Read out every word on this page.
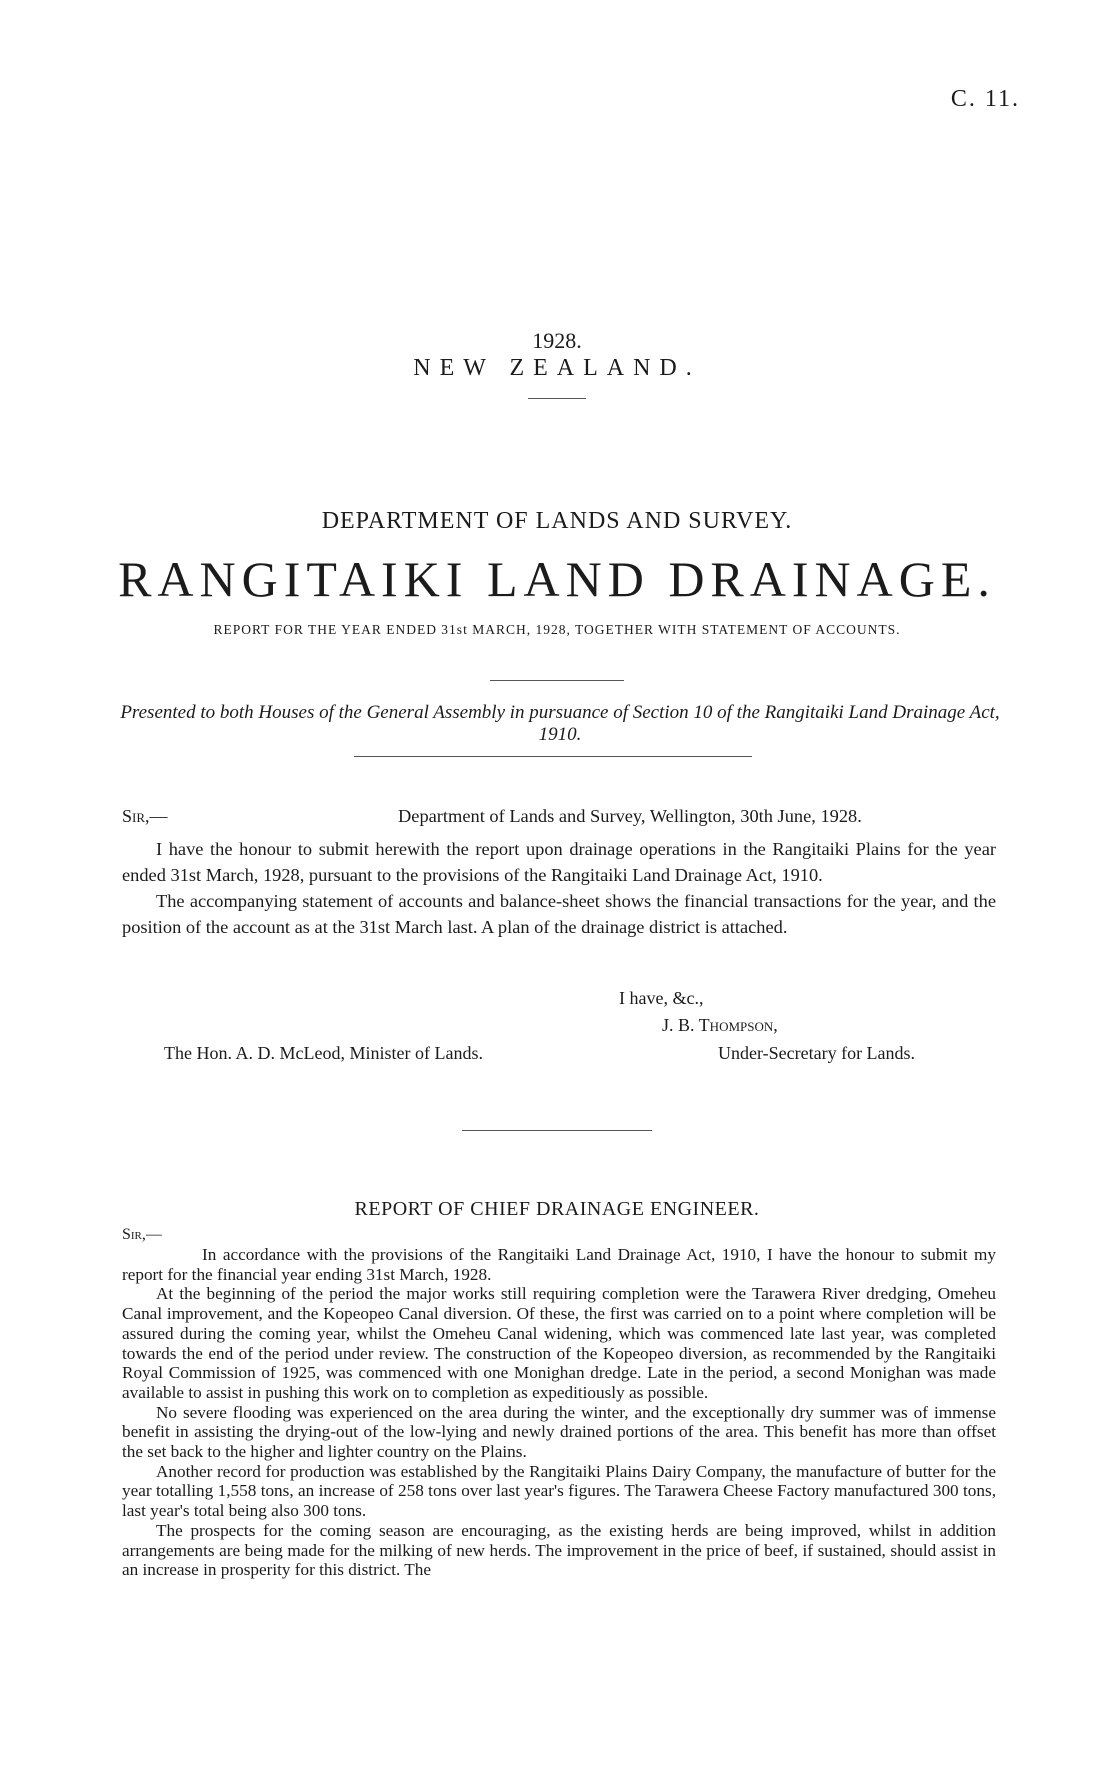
C. 11.
1928.
NEW ZEALAND.
DEPARTMENT OF LANDS AND SURVEY.
RANGITAIKI LAND DRAINAGE.
REPORT FOR THE YEAR ENDED 31st MARCH, 1928, TOGETHER WITH STATEMENT OF ACCOUNTS.
Presented to both Houses of the General Assembly in pursuance of Section 10 of the Rangitaiki Land Drainage Act, 1910.
Sir,—	Department of Lands and Survey, Wellington, 30th June, 1928.

I have the honour to submit herewith the report upon drainage operations in the Rangitaiki Plains for the year ended 31st March, 1928, pursuant to the provisions of the Rangitaiki Land Drainage Act, 1910.

The accompanying statement of accounts and balance-sheet shows the financial transactions for the year, and the position of the account as at the 31st March last. A plan of the drainage district is attached.

I have, &c.,
J. B. Thompson,
The Hon. A. D. McLeod, Minister of Lands.	Under-Secretary for Lands.
REPORT OF CHIEF DRAINAGE ENGINEER.
Sir,—

In accordance with the provisions of the Rangitaiki Land Drainage Act, 1910, I have the honour to submit my report for the financial year ending 31st March, 1928.

At the beginning of the period the major works still requiring completion were the Tarawera River dredging, Omeheu Canal improvement, and the Kopeopeo Canal diversion. Of these, the first was carried on to a point where completion will be assured during the coming year, whilst the Omeheu Canal widening, which was commenced late last year, was completed towards the end of the period under review. The construction of the Kopeopeo diversion, as recommended by the Rangitaiki Royal Commission of 1925, was commenced with one Monighan dredge. Late in the period, a second Monighan was made available to assist in pushing this work on to completion as expeditiously as possible.

No severe flooding was experienced on the area during the winter, and the exceptionally dry summer was of immense benefit in assisting the drying-out of the low-lying and newly drained portions of the area. This benefit has more than offset the set back to the higher and lighter country on the Plains.

Another record for production was established by the Rangitaiki Plains Dairy Company, the manufacture of butter for the year totalling 1,558 tons, an increase of 258 tons over last year's figures. The Tarawera Cheese Factory manufactured 300 tons, last year's total being also 300 tons.

The prospects for the coming season are encouraging, as the existing herds are being improved, whilst in addition arrangements are being made for the milking of new herds. The improvement in the price of beef, if sustained, should assist in an increase in prosperity for this district. The
